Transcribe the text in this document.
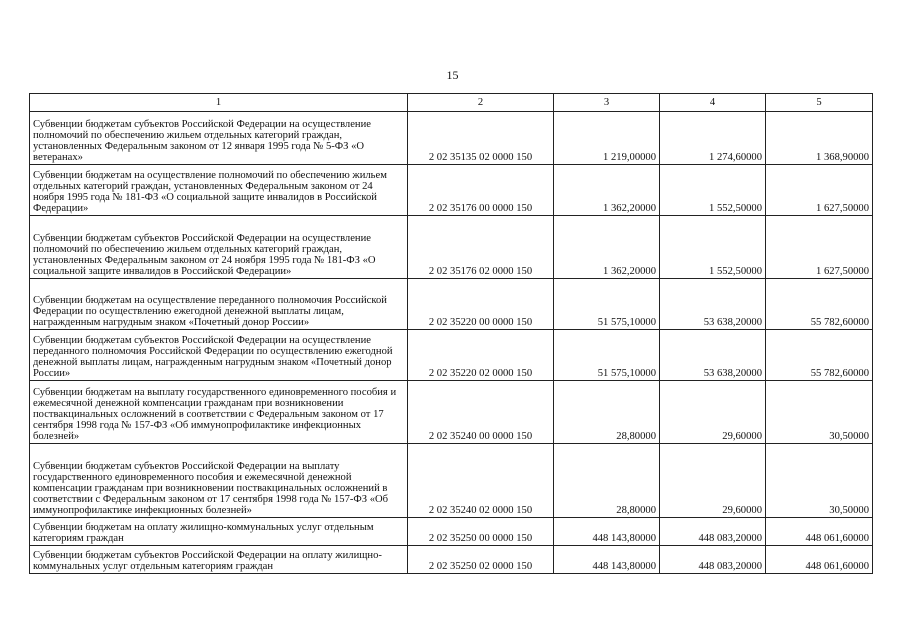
15
1	2	3	4	5
Субвенции бюджетам субъектов Российской Федерации на осуществление полномочий по обеспечению жильем отдельных категорий граждан, установленных Федеральным законом от 12 января 1995 года № 5-ФЗ «О ветеранах»	2 02 35135 02 0000 150	1 219,00000	1 274,60000	1 368,90000
Субвенции бюджетам на осуществление полномочий по обеспечению жильем отдельных категорий граждан, установленных Федеральным законом от 24 ноября 1995 года № 181-ФЗ «О социальной защите инвалидов в Российской Федерации»	2 02 35176 00 0000 150	1 362,20000	1 552,50000	1 627,50000
Субвенции бюджетам субъектов Российской Федерации на осуществление полномочий по обеспечению жильем отдельных категорий граждан, установленных Федеральным законом от 24 ноября 1995 года № 181-ФЗ «О социальной защите инвалидов в Российской Федерации»	2 02 35176 02 0000 150	1 362,20000	1 552,50000	1 627,50000
Субвенции бюджетам на осуществление переданного полномочия Российской Федерации по осуществлению ежегодной денежной выплаты лицам, награжденным нагрудным знаком «Почетный донор России»	2 02 35220 00 0000 150	51 575,10000	53 638,20000	55 782,60000
Субвенции бюджетам субъектов Российской Федерации на осуществление переданного полномочия Российской Федерации по осуществлению ежегодной денежной выплаты лицам, награжденным нагрудным знаком «Почетный донор России»	2 02 35220 02 0000 150	51 575,10000	53 638,20000	55 782,60000
Субвенции бюджетам на выплату государственного единовременного пособия и ежемесячной денежной компенсации гражданам при возникновении поствакцинальных осложнений в соответствии с Федеральным законом от 17 сентября 1998 года № 157-ФЗ «Об иммунопрофилактике инфекционных болезней»	2 02 35240 00 0000 150	28,80000	29,60000	30,50000
Субвенции бюджетам субъектов Российской Федерации на выплату государственного единовременного пособия и ежемесячной денежной компенсации гражданам при возникновении поствакцинальных осложнений в соответствии с Федеральным законом от 17 сентября 1998 года № 157-ФЗ «Об иммунопрофилактике инфекционных болезней»	2 02 35240 02 0000 150	28,80000	29,60000	30,50000
Субвенции бюджетам на оплату жилищно-коммунальных услуг отдельным категориям граждан	2 02 35250 00 0000 150	448 143,80000	448 083,20000	448 061,60000
Субвенции бюджетам субъектов Российской Федерации на оплату жилищно-коммунальных услуг отдельным категориям граждан	2 02 35250 02 0000 150	448 143,80000	448 083,20000	448 061,60000
